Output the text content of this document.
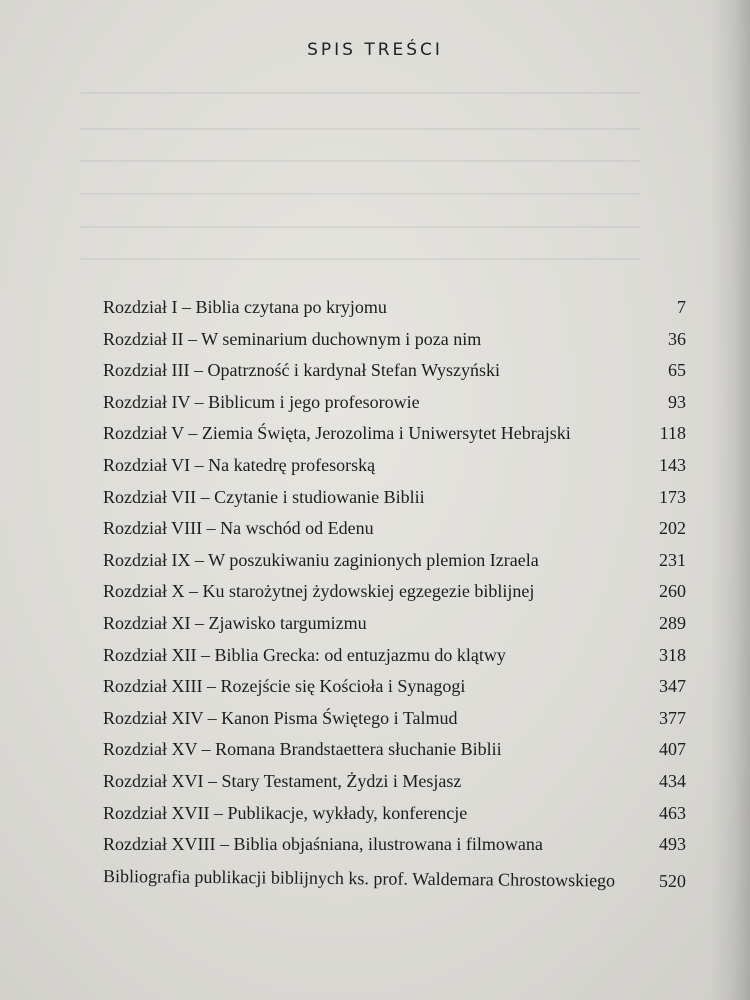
SPIS TREŚCI
Rozdział I – Biblia czytana po kryjomu	7
Rozdział II – W seminarium duchownym i poza nim	36
Rozdział III – Opatrzność i kardynał Stefan Wyszyński	65
Rozdział IV – Biblicum i jego profesorowie	93
Rozdział V – Ziemia Święta, Jerozolima i Uniwersytet Hebrajski	118
Rozdział VI – Na katedrę profesorską	143
Rozdział VII – Czytanie i studiowanie Biblii	173
Rozdział VIII – Na wschód od Edenu	202
Rozdział IX – W poszukiwaniu zaginionych plemion Izraela	231
Rozdział X – Ku starożytnej żydowskiej egzegezie biblijnej	260
Rozdział XI – Zjawisko targumizmu	289
Rozdział XII – Biblia Grecka: od entuzjazmu do klątwy	318
Rozdział XIII – Rozejście się Kościoła i Synagogi	347
Rozdział XIV – Kanon Pisma Świętego i Talmud	377
Rozdział XV – Romana Brandstaettera słuchanie Biblii	407
Rozdział XVI – Stary Testament, Żydzi i Mesjasz	434
Rozdział XVII – Publikacje, wykłady, konferencje	463
Rozdział XVIII – Biblia objaśniana, ilustrowana i filmowana	493
Bibliografia publikacji biblijnych ks. prof. Waldemara Chrostowskiego 520
